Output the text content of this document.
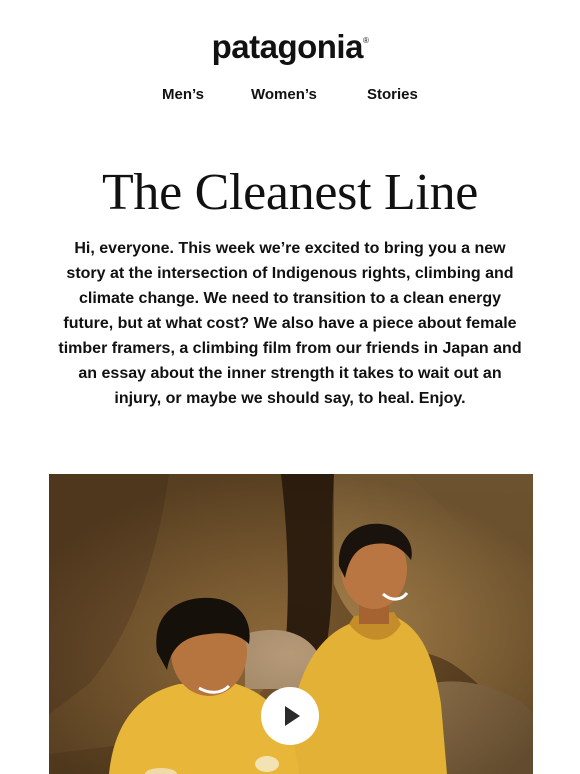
patagonia®
Men’s	Women’s	Stories
The Cleanest Line

Hi, everyone. This week we’re excited to bring you a new story at the intersection of Indigenous rights, climbing and climate change. We need to transition to a clean energy future, but at what cost? We also have a piece about female timber framers, a climbing film from our friends in Japan and an essay about the inner strength it takes to wait out an injury, or maybe we should say, to heal. Enjoy.
